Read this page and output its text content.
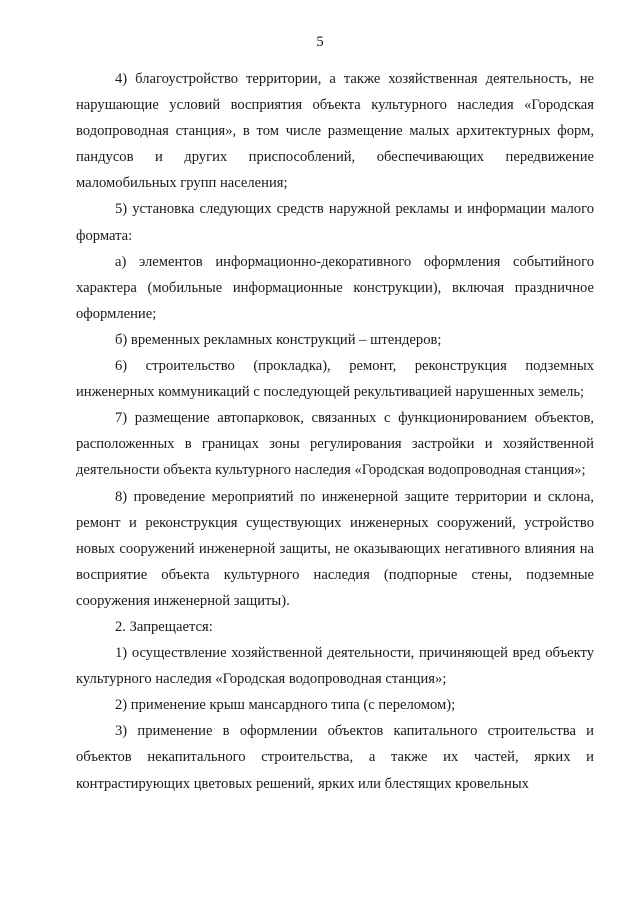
5

4) благоустройство территории, а также хозяйственная деятельность, не нарушающие условий восприятия объекта культурного наследия «Городская водопроводная станция», в том числе размещение малых архитектурных форм, пандусов и других приспособлений, обеспечивающих передвижение маломобильных групп населения;

5) установка следующих средств наружной рекламы и информации малого формата:

а) элементов информационно-декоративного оформления событийного характера (мобильные информационные конструкции), включая праздничное оформление;

б) временных рекламных конструкций – штендеров;

6) строительство (прокладка), ремонт, реконструкция подземных инженерных коммуникаций с последующей рекультивацией нарушенных земель;

7) размещение автопарковок, связанных с функционированием объектов, расположенных в границах зоны регулирования застройки и хозяйственной деятельности объекта культурного наследия «Городская водопроводная станция»;

8) проведение мероприятий по инженерной защите территории и склона, ремонт и реконструкция существующих инженерных сооружений, устройство новых сооружений инженерной защиты, не оказывающих негативного влияния на восприятие объекта культурного наследия (подпорные стены, подземные сооружения инженерной защиты).

2. Запрещается:

1) осуществление хозяйственной деятельности, причиняющей вред объекту культурного наследия «Городская водопроводная станция»;

2) применение крыш мансардного типа (с переломом);

3) применение в оформлении объектов капитального строительства и объектов некапитального строительства, а также их частей, ярких и контрастирующих цветовых решений, ярких или блестящих кровельных
